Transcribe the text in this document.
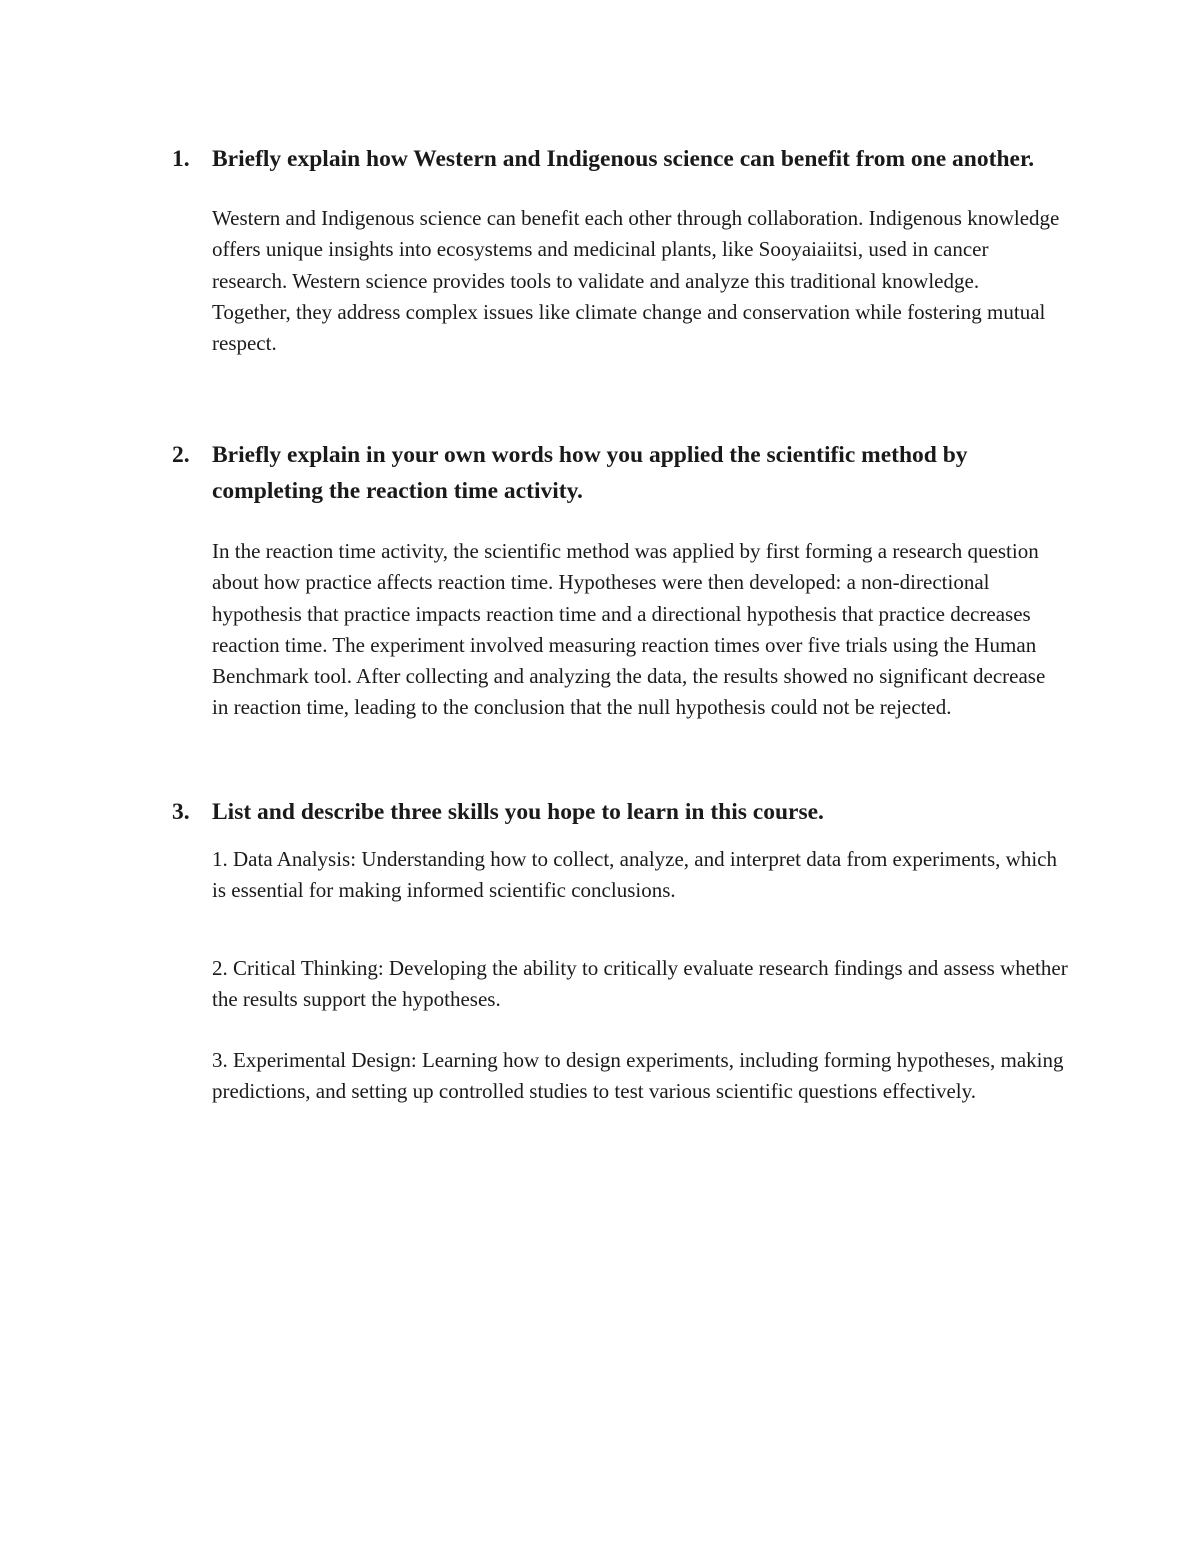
1. Briefly explain how Western and Indigenous science can benefit from one another.

Western and Indigenous science can benefit each other through collaboration. Indigenous knowledge offers unique insights into ecosystems and medicinal plants, like Sooyaiaiitsi, used in cancer research. Western science provides tools to validate and analyze this traditional knowledge. Together, they address complex issues like climate change and conservation while fostering mutual respect.

2. Briefly explain in your own words how you applied the scientific method by completing the reaction time activity.

In the reaction time activity, the scientific method was applied by first forming a research question about how practice affects reaction time. Hypotheses were then developed: a non-directional hypothesis that practice impacts reaction time and a directional hypothesis that practice decreases reaction time. The experiment involved measuring reaction times over five trials using the Human Benchmark tool. After collecting and analyzing the data, the results showed no significant decrease in reaction time, leading to the conclusion that the null hypothesis could not be rejected.

3. List and describe three skills you hope to learn in this course.

1. Data Analysis: Understanding how to collect, analyze, and interpret data from experiments, which is essential for making informed scientific conclusions.

2. Critical Thinking: Developing the ability to critically evaluate research findings and assess whether the results support the hypotheses.

3. Experimental Design: Learning how to design experiments, including forming hypotheses, making predictions, and setting up controlled studies to test various scientific questions effectively.
